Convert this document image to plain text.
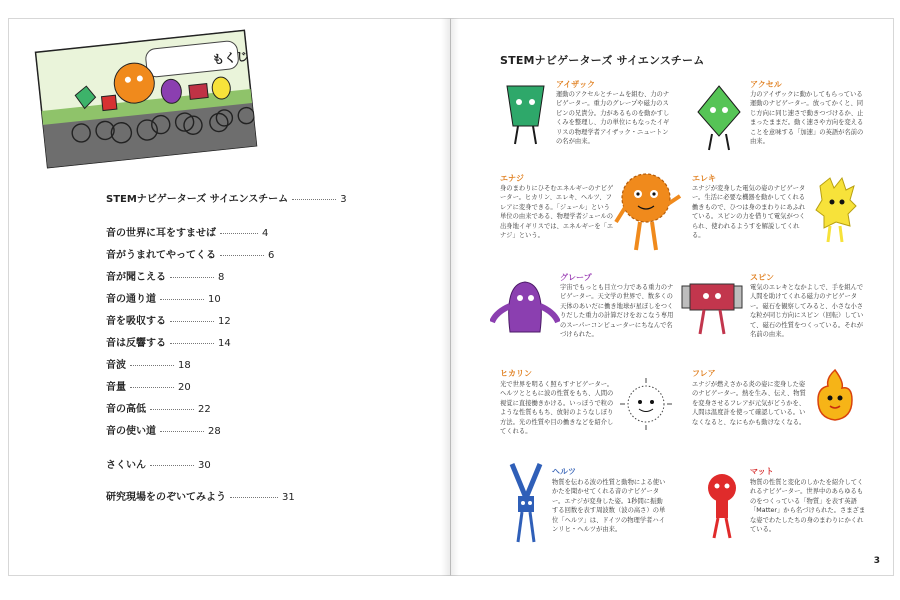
もくじ
STEMナビゲーターズ サイエンスチーム	3
音の世界に耳をすませば	4
音がうまれてやってくる	6
音が聞こえる	8
音の通り道	10
音を吸収する	12
音は反響する	14
音波	18
音量	20
音の高低	22
音の使い道	28
さくいん	30
研究現場をのぞいてみよう	31
STEMナビゲーターズ サイエンスチーム
アイザック
運動のアクセルとチームを組む、力のナビゲーター。重力のグレープや磁力のスピンの兄貴分。力があるものを動かすしくみを整理し、力の単位にもなったイギリスの物理学者アイザック・ニュートンの名が由来。
アクセル
力のアイザックに動かしてもらっている運動のナビゲーター。放ってかくと、同じ方向に同じ速さで動きつづけるか、止まったままだ。動く速さや方向を変えることを意味する「加速」の英語が名前の由来。
エナジ
身のまわりにひそむエネルギーのナビゲーター。ヒカリン、エレキ、ヘルツ、フレアに変身できる。「ジュール」という単位の由来である、物理学者ジュールの出身地イギリスでは、エネルギーを「エナジ」という。
エレキ
エナジが変身した電気の姿のナビゲーター。生活に必要な機器を動かしてくれる働きもので、ひつは身のまわりにあふれている。スピンの力を借りて電気がつくられ、使われるようすを解説してくれる。
グレープ
宇宙でもっとも目立つ力である重力のナビゲーター。天文学の世界で、数多くの天体のあいだに働き地球が星ぼしをつくりだした重力の計算だけをおこなう専用のスーパーコンピューターにちなんで名づけられた。
スピン
電気のエレキとなかよしで、手を組んで人間を助けてくれる磁力のナビゲーター。磁石を観察してみると、小さな小さな粒が同じ方向にスピン（回転）していて、磁石の性質をつくっている。それが名前の由来。
ヒカリン
光で世界を明るく照らすナビゲーター。ヘルツとともに波の性質をもち、人間の視覚に直接働きかける。いっぽうで粒のような性質ももち、放射のようなしぼり方法。光の性質や目の働きなどを紹介してくれる。
フレア
エナジが燃えさかる炎の姿に変身した姿のナビゲーター。熱を生み、伝え、物質を変身させるフレアが元気がどうかを、人間は温度計を使って確認している。いなくなると、なにもかも動けなくなる。
ヘルツ
物質を伝わる波の性質と動物による使いかたを聞かせてくれる音のナビゲーター。エナジが変身した姿。1秒間に振動する回数を表す周波数（波の高さ）の単位「ヘルツ」は、ドイツの物理学者ハインリヒ・ヘルツが由来。
マット
物質の性質と変化のしかたを紹介してくれるナビゲーター。世界中のあらゆるものをつくっている「物質」を表す英語「Matter」から名づけられた。さまざまな姿でわたしたちの身のまわりにかくれている。
3
